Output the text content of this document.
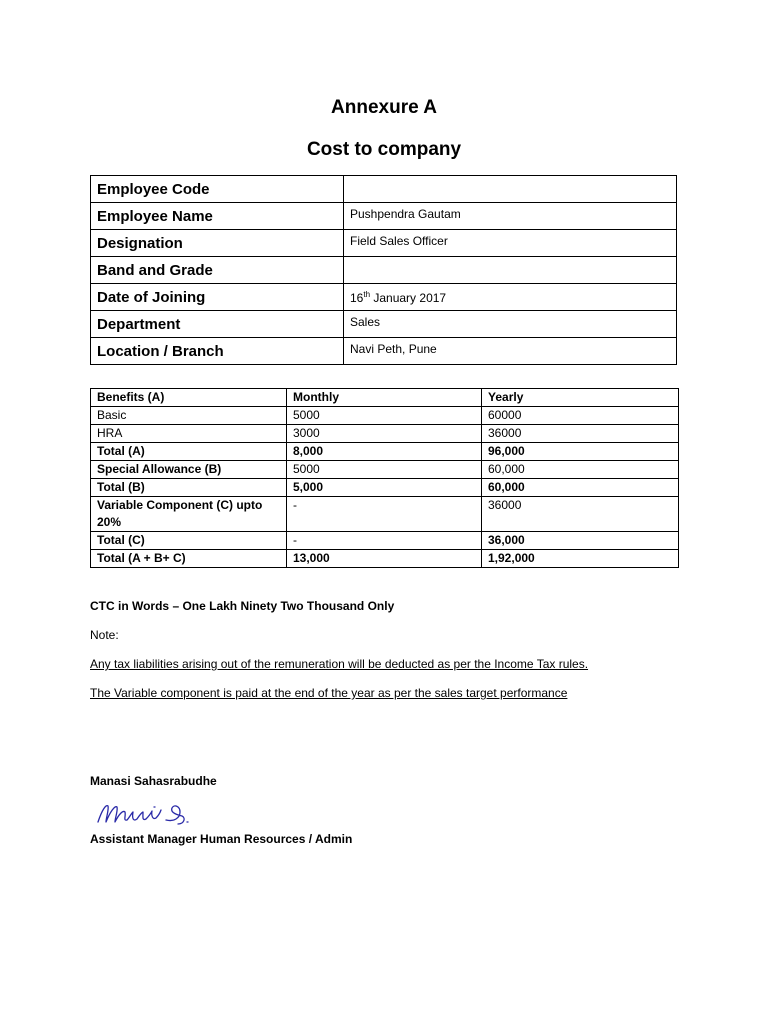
Annexure A
Cost to company
Employee Code	
Employee Name	Pushpendra Gautam
Designation	Field Sales Officer
Band and Grade	
Date of Joining	16th January 2017
Department	Sales
Location / Branch	Navi Peth, Pune
Benefits (A)	Monthly	Yearly
Basic	5000	60000
HRA	3000	36000
Total (A)	8,000	96,000
Special Allowance (B)	5000	60,000
Total (B)	5,000	60,000
Variable Component (C) upto 20%	-	36000
Total (C)	-	36,000
Total (A + B+ C)	13,000	1,92,000
CTC in Words – One Lakh Ninety Two Thousand Only
Note:
Any tax liabilities arising out of the remuneration will be deducted as per the Income Tax rules.
The Variable component is paid at the end of the year as per the sales target performance
Manasi Sahasrabudhe
Assistant Manager Human Resources / Admin
